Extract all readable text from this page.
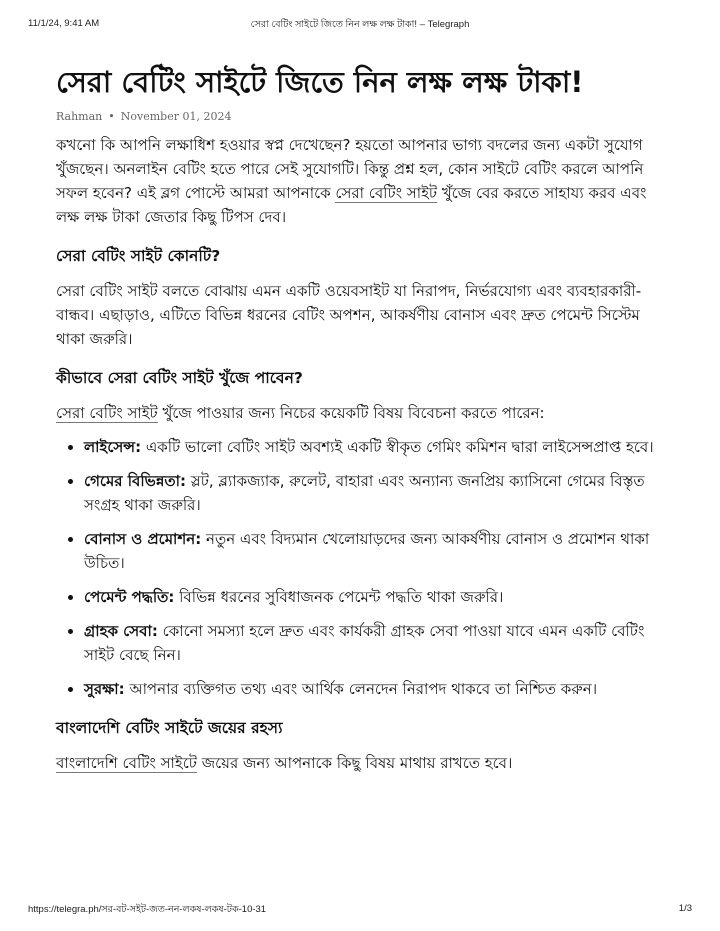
11/1/24, 9:41 AM	সেরা বেটিং সাইটে জিতে নিন লক্ষ লক্ষ টাকা! – Telegraph
সেরা বেটিং সাইটে জিতে নিন লক্ষ লক্ষ টাকা!
Rahman • November 01, 2024

কখনো কি আপনি লক্ষাধিশ হওয়ার স্বপ্ন দেখেছেন? হয়তো আপনার ভাগ্য বদলের জন্য একটা সুযোগ খুঁজছেন। অনলাইন বেটিং হতে পারে সেই সুযোগটি। কিন্তু প্রশ্ন হল, কোন সাইটে বেটিং করলে আপনি সফল হবেন? এই ব্লগ পোস্টে আমরা আপনাকে সেরা বেটিং সাইট খুঁজে বের করতে সাহায্য করব এবং লক্ষ লক্ষ টাকা জেতার কিছু টিপস দেব।

সেরা বেটিং সাইট কোনটি?

সেরা বেটিং সাইট বলতে বোঝায় এমন একটি ওয়েবসাইট যা নিরাপদ, নির্ভরযোগ্য এবং ব্যবহারকারী-বান্ধব। এছাড়াও, এটিতে বিভিন্ন ধরনের বেটিং অপশন, আকর্ষণীয় বোনাস এবং দ্রুত পেমেন্ট সিস্টেম থাকা জরুরি।

কীভাবে সেরা বেটিং সাইট খুঁজে পাবেন?

সেরা বেটিং সাইট খুঁজে পাওয়ার জন্য নিচের কয়েকটি বিষয় বিবেচনা করতে পারেন:

• লাইসেন্স: একটি ভালো বেটিং সাইট অবশ্যই একটি স্বীকৃত গেমিং কমিশন দ্বারা লাইসেন্সপ্রাপ্ত হবে।
• গেমের বিভিন্নতা: স্লট, ব্ল্যাকজ্যাক, রুলেট, বাহারা এবং অন্যান্য জনপ্রিয় ক্যাসিনো গেমের বিস্তৃত সংগ্রহ থাকা জরুরি।
• বোনাস ও প্রমোশন: নতুন এবং বিদ্যমান খেলোয়াড়দের জন্য আকর্ষণীয় বোনাস ও প্রমোশন থাকা উচিত।
• পেমেন্ট পদ্ধতি: বিভিন্ন ধরনের সুবিধাজনক পেমেন্ট পদ্ধতি থাকা জরুরি।
• গ্রাহক সেবা: কোনো সমস্যা হলে দ্রুত এবং কার্যকরী গ্রাহক সেবা পাওয়া যাবে এমন একটি বেটিং সাইট বেছে নিন।
• সুরক্ষা: আপনার ব্যক্তিগত তথ্য এবং আর্থিক লেনদেন নিরাপদ থাকবে তা নিশ্চিত করুন।
বাংলাদেশি বেটিং সাইটে জয়ের রহস্য

বাংলাদেশি বেটিং সাইটে জয়ের জন্য আপনাকে কিছু বিষয় মাথায় রাখতে হবে।

https://telegra.ph/সর-বট-সইট-জত-নন-লকষ-লকষ-টক-10-31	1/3
